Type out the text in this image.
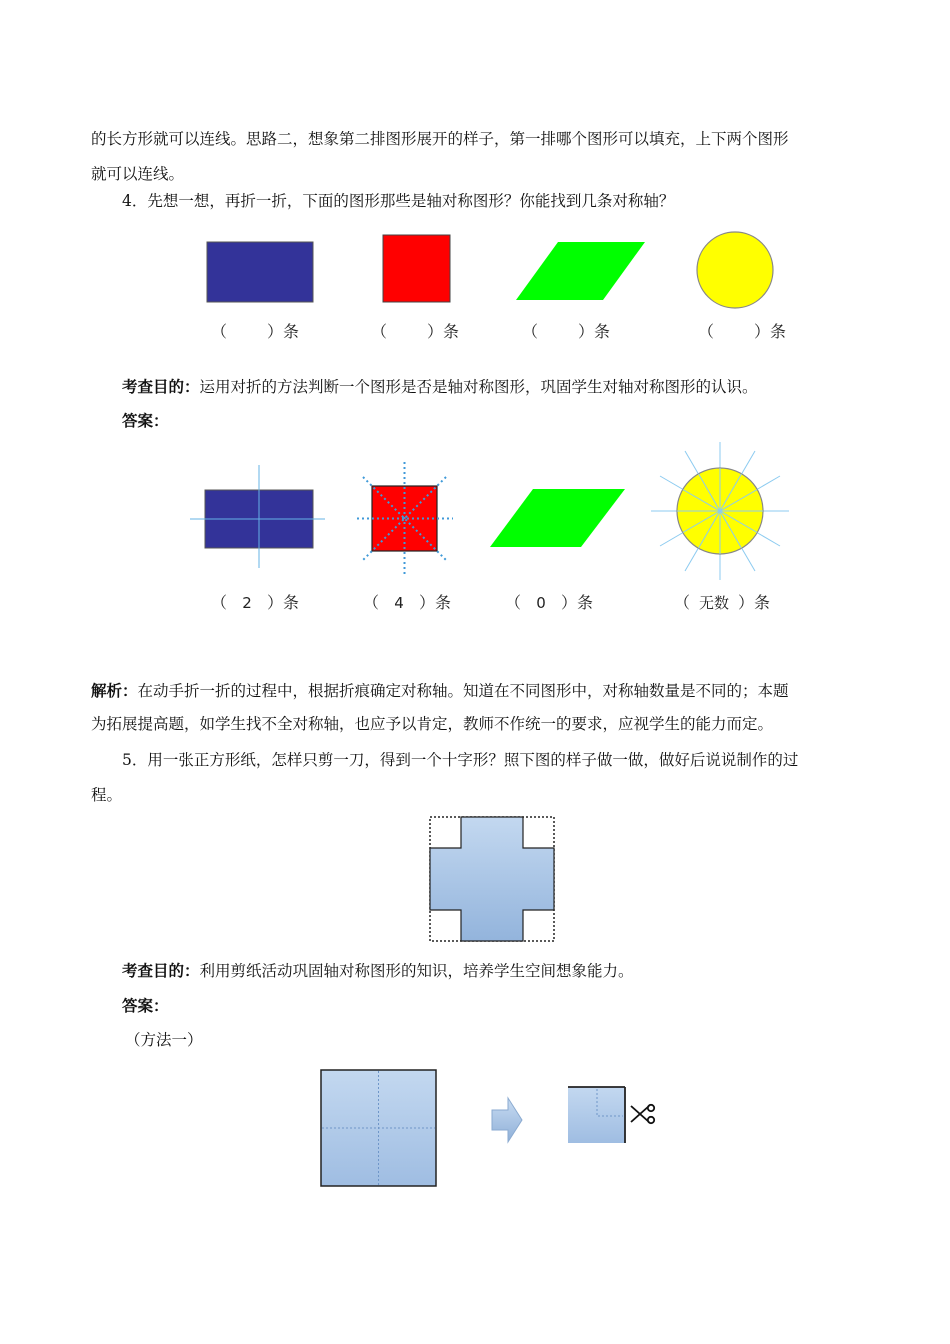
的长方形就可以连线。思路二，想象第二排图形展开的样子，第一排哪个图形可以填充，上下两个图形
就可以连线。
4．先想一想，再折一折，下面的图形那些是轴对称图形？你能找到几条对称轴？
（	）条	（	）条	（	）条	（	）条
考查目的：运用对折的方法判断一个图形是否是轴对称图形，巩固学生对轴对称图形的认识。
答案：
（ 2 ）条	（ 4 ）条	（ 0 ）条	（ 无数 ）条
解析：在动手折一折的过程中，根据折痕确定对称轴。知道在不同图形中，对称轴数量是不同的；本题
为拓展提高题，如学生找不全对称轴，也应予以肯定，教师不作统一的要求，应视学生的能力而定。
5．用一张正方形纸，怎样只剪一刀，得到一个十字形？照下图的样子做一做，做好后说说制作的过
程。
考查目的：利用剪纸活动巩固轴对称图形的知识，培养学生空间想象能力。
答案：
（方法一）
